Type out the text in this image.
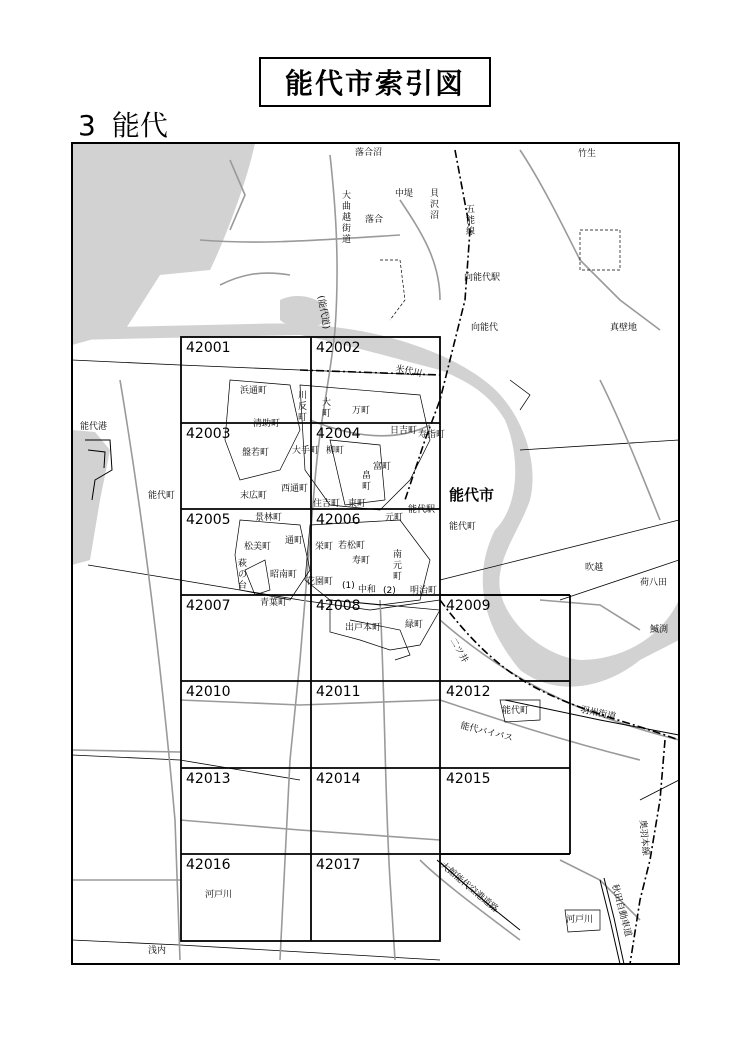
能代市索引図
3 能代
42001	42002
42003	42004
42005	42006
42007	42008	42009
42010	42011	42012
42013	42014	42015
42016	42017
落合沼	竹生
中堤 貝
沢
沼
落合
大
曲
越
街
道
五
能
線
向能代駅
(能代道)	向能代	真壁地
米代川
浜通町	川
反
町
大
町 万町
能代港	清助町
日吉町 寿指町
盤若町	大手町 柳町
富町
畠
町
能代町	末広町
西通町
住吉町 東町	能代市
能代駅
元町
能代町
景林町
松美町
通町
栄町 若松町
吹越
荷八田
萩
の
台
昭南町
寿町
南
元
町
花園町 (1) 中和 (2) 明治町
青葉町
出戸本町	緑町	鰄渕
能代町	羽州街道
能代バイパス
奥羽本線
河戸川
河戸川
浅内
二ツ井
秋田自動車道
大館能代空港道路
